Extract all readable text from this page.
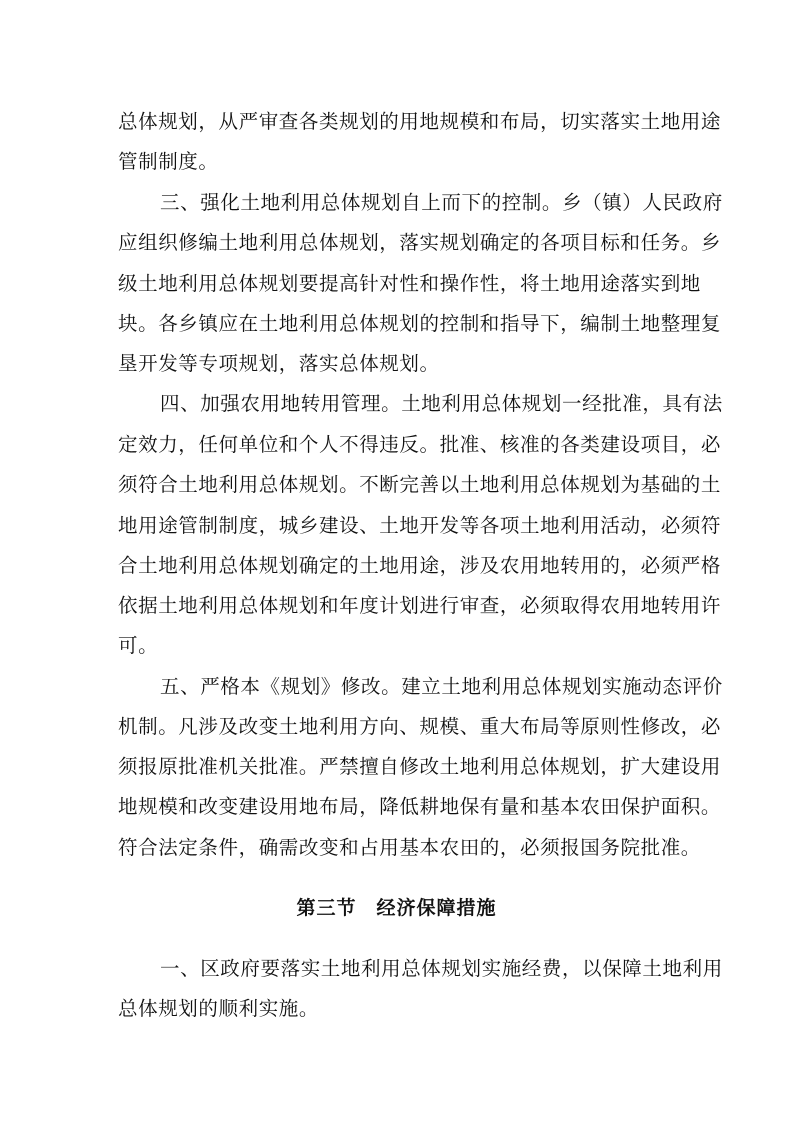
总体规划，从严审查各类规划的用地规模和布局，切实落实土地用途
管制制度。
三、强化土地利用总体规划自上而下的控制。乡（镇）人民政府
应组织修编土地利用总体规划，落实规划确定的各项目标和任务。乡
级土地利用总体规划要提高针对性和操作性，将土地用途落实到地
块。各乡镇应在土地利用总体规划的控制和指导下，编制土地整理复
垦开发等专项规划，落实总体规划。
四、加强农用地转用管理。土地利用总体规划一经批准，具有法
定效力，任何单位和个人不得违反。批准、核准的各类建设项目，必
须符合土地利用总体规划。不断完善以土地利用总体规划为基础的土
地用途管制制度，城乡建设、土地开发等各项土地利用活动，必须符
合土地利用总体规划确定的土地用途，涉及农用地转用的，必须严格
依据土地利用总体规划和年度计划进行审查，必须取得农用地转用许
可。
五、严格本《规划》修改。建立土地利用总体规划实施动态评价
机制。凡涉及改变土地利用方向、规模、重大布局等原则性修改，必
须报原批准机关批准。严禁擅自修改土地利用总体规划，扩大建设用
地规模和改变建设用地布局，降低耕地保有量和基本农田保护面积。
符合法定条件，确需改变和占用基本农田的，必须报国务院批准。
第三节　经济保障措施
一、区政府要落实土地利用总体规划实施经费，以保障土地利用
总体规划的顺利实施。
